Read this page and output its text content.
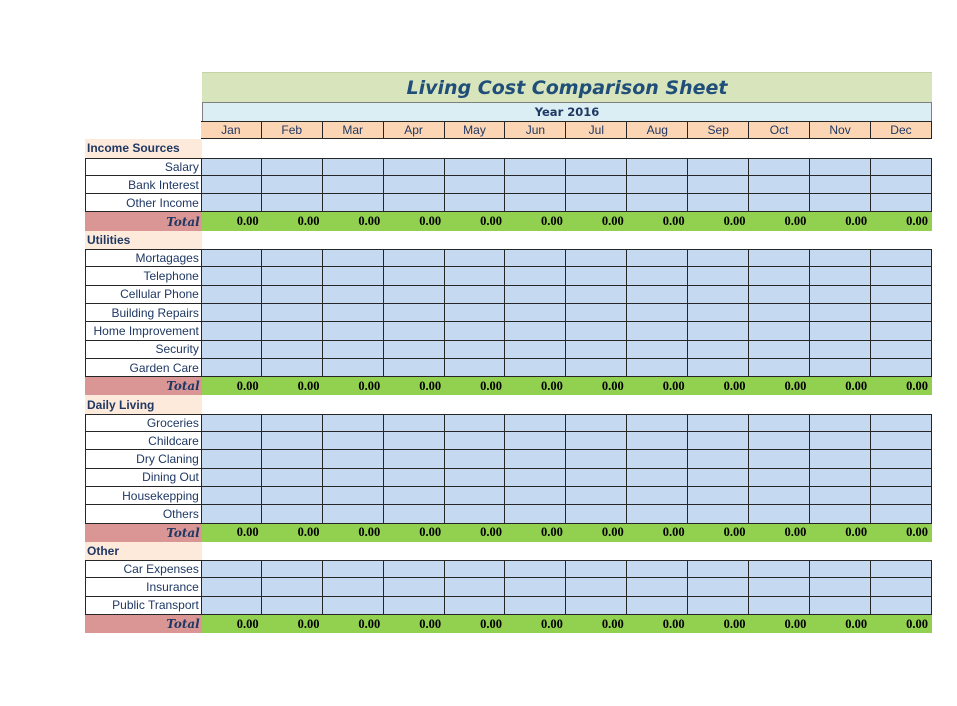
Living Cost Comparison Sheet
Year 2016
Jan	Feb	Mar	Apr	May	Jun	Jul	Aug	Sep	Oct	Nov	Dec
Income Sources
Salary
Bank Interest
Other Income
Total	0.00	0.00	0.00	0.00	0.00	0.00	0.00	0.00	0.00	0.00	0.00	0.00
Utilities
Mortagages
Telephone
Cellular Phone
Building Repairs
Home Improvement
Security
Garden Care
Total	0.00	0.00	0.00	0.00	0.00	0.00	0.00	0.00	0.00	0.00	0.00	0.00
Daily Living
Groceries
Childcare
Dry Claning
Dining Out
Housekepping
Others
Total	0.00	0.00	0.00	0.00	0.00	0.00	0.00	0.00	0.00	0.00	0.00	0.00
Other
Car Expenses
Insurance
Public Transport
Total	0.00	0.00	0.00	0.00	0.00	0.00	0.00	0.00	0.00	0.00	0.00	0.00
